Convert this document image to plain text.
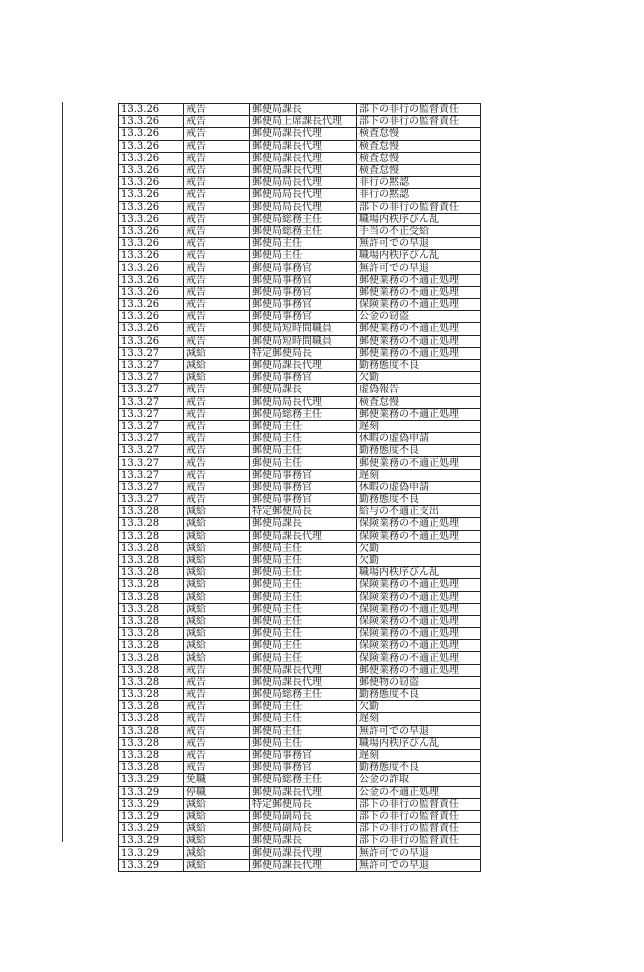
13.3.26	戒告	郵便局課長	部下の非行の監督責任
13.3.26	戒告	郵便局上席課長代理	部下の非行の監督責任
13.3.26	戒告	郵便局課長代理	検査怠慢
13.3.26	戒告	郵便局課長代理	検査怠慢
13.3.26	戒告	郵便局課長代理	検査怠慢
13.3.26	戒告	郵便局課長代理	検査怠慢
13.3.26	戒告	郵便局局長代理	非行の黙認
13.3.26	戒告	郵便局局長代理	非行の黙認
13.3.26	戒告	郵便局局長代理	部下の非行の監督責任
13.3.26	戒告	郵便局総務主任	職場内秩序びん乱
13.3.26	戒告	郵便局総務主任	手当の不正受給
13.3.26	戒告	郵便局主任	無許可での早退
13.3.26	戒告	郵便局主任	職場内秩序びん乱
13.3.26	戒告	郵便局事務官	無許可での早退
13.3.26	戒告	郵便局事務官	郵便業務の不適正処理
13.3.26	戒告	郵便局事務官	郵便業務の不適正処理
13.3.26	戒告	郵便局事務官	保険業務の不適正処理
13.3.26	戒告	郵便局事務官	公金の窃盗
13.3.26	戒告	郵便局短時間職員	郵便業務の不適正処理
13.3.26	戒告	郵便局短時間職員	郵便業務の不適正処理
13.3.27	減給	特定郵便局長	郵便業務の不適正処理
13.3.27	減給	郵便局課長代理	勤務態度不良
13.3.27	減給	郵便局事務官	欠勤
13.3.27	戒告	郵便局課長	虚偽報告
13.3.27	戒告	郵便局局長代理	検査怠慢
13.3.27	戒告	郵便局総務主任	郵便業務の不適正処理
13.3.27	戒告	郵便局主任	遅刻
13.3.27	戒告	郵便局主任	休暇の虚偽申請
13.3.27	戒告	郵便局主任	勤務態度不良
13.3.27	戒告	郵便局主任	郵便業務の不適正処理
13.3.27	戒告	郵便局事務官	遅刻
13.3.27	戒告	郵便局事務官	休暇の虚偽申請
13.3.27	戒告	郵便局事務官	勤務態度不良
13.3.28	減給	特定郵便局長	給与の不適正支出
13.3.28	減給	郵便局課長	保険業務の不適正処理
13.3.28	減給	郵便局課長代理	保険業務の不適正処理
13.3.28	減給	郵便局主任	欠勤
13.3.28	減給	郵便局主任	欠勤
13.3.28	減給	郵便局主任	職場内秩序びん乱
13.3.28	減給	郵便局主任	保険業務の不適正処理
13.3.28	減給	郵便局主任	保険業務の不適正処理
13.3.28	減給	郵便局主任	保険業務の不適正処理
13.3.28	減給	郵便局主任	保険業務の不適正処理
13.3.28	減給	郵便局主任	保険業務の不適正処理
13.3.28	減給	郵便局主任	保険業務の不適正処理
13.3.28	減給	郵便局主任	保険業務の不適正処理
13.3.28	戒告	郵便局課長代理	郵便業務の不適正処理
13.3.28	戒告	郵便局課長代理	郵便物の窃盗
13.3.28	戒告	郵便局総務主任	勤務態度不良
13.3.28	戒告	郵便局主任	欠勤
13.3.28	戒告	郵便局主任	遅刻
13.3.28	戒告	郵便局主任	無許可での早退
13.3.28	戒告	郵便局主任	職場内秩序びん乱
13.3.28	戒告	郵便局事務官	遅刻
13.3.28	戒告	郵便局事務官	勤務態度不良
13.3.29	免職	郵便局総務主任	公金の詐取
13.3.29	停職	郵便局課長代理	公金の不適正処理
13.3.29	減給	特定郵便局長	部下の非行の監督責任
13.3.29	減給	郵便局副局長	部下の非行の監督責任
13.3.29	減給	郵便局副局長	部下の非行の監督責任
13.3.29	減給	郵便局課長	部下の非行の監督責任
13.3.29	減給	郵便局課長代理	無許可での早退
13.3.29	減給	郵便局課長代理	無許可での早退
